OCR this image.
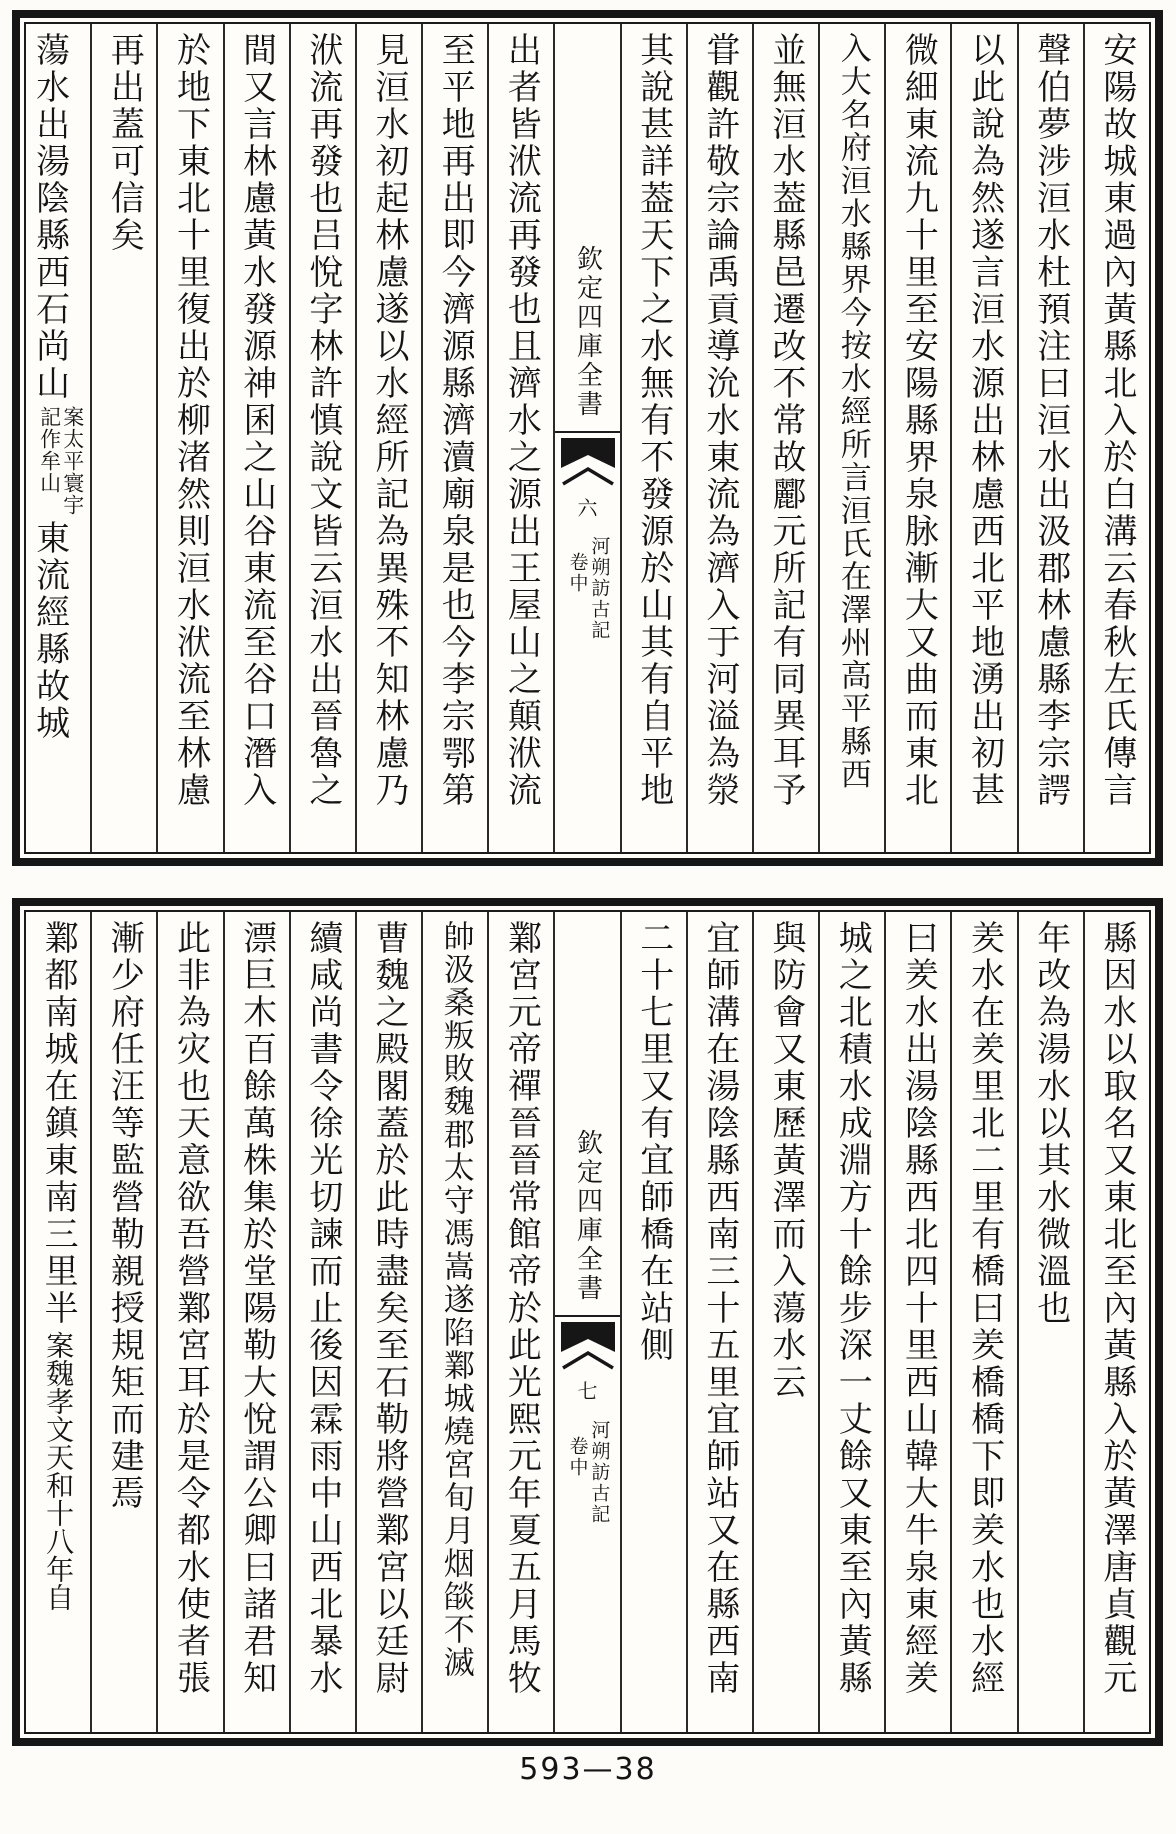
安陽故城東過內黃縣北入於白溝云春秋左氏傳言
聲伯夢涉洹水杜預注曰洹水出汲郡林慮縣李宗諤
以此說為然遂言洹水源出林慮西北平地湧出初甚
微細東流九十里至安陽縣界泉脉漸大又曲而東北
入大名府洹水縣界今按水經所言洹氏在澤州高平縣西
並無洹水葢縣邑遷改不常故酈元所記有同異耳予
甞觀許敬宗論禹貢導沇水東流為濟入于河溢為滎
其說甚詳葢天下之水無有不發源於山其有自平地
欽定四庫全書
河朔訪古記
卷中
六
出者皆洑流再發也且濟水之源出王屋山之顛洑流
至平地再出即今濟源縣濟瀆廟泉是也今李宗鄂第
見洹水初起林慮遂以水經所記為異殊不知林慮乃
洑流再發也吕悅字林許慎說文皆云洹水出晉魯之
間又言林慮黃水發源神囷之山谷東流至谷口潛入
於地下東北十里復出於柳渚然則洹水洑流至林慮
再出蓋可信矣
蕩水出湯陰縣西石尚山
案太平寰宇
記作牟山
東流經縣故城
縣因水以取名又東北至內黃縣入於黃澤唐貞觀元
年改為湯水以其水微溫也
羑水在羑里北二里有橋曰羑橋橋下即羑水也水經
曰羑水出湯陰縣西北四十里西山韓大牛泉東經羑
城之北積水成淵方十餘步深一丈餘又東至內黃縣
與防會又東歷黃澤而入蕩水云
宜師溝在湯陰縣西南三十五里宜師站又在縣西南
二十七里又有宜師橋在站側
欽定四庫全書
河朔訪古記
卷中
七
鄴宮元帝禪晉晉常館帝於此光熙元年夏五月馬牧
帥汲桑叛敗魏郡太守馮嵩遂陷鄴城燒宮旬月烟燄不滅
曹魏之殿閣蓋於此時盡矣至石勒將營鄴宮以廷尉
續咸尚書令徐光切諫而止後因霖雨中山西北暴水
漂巨木百餘萬株集於堂陽勒大悅謂公卿曰諸君知
此非為灾也天意欲吾營鄴宮耳於是令都水使者張
漸少府任汪等監營勒親授規矩而建焉
鄴都南城在鎮東南三里半
案魏孝文天和十八年自
593—38
